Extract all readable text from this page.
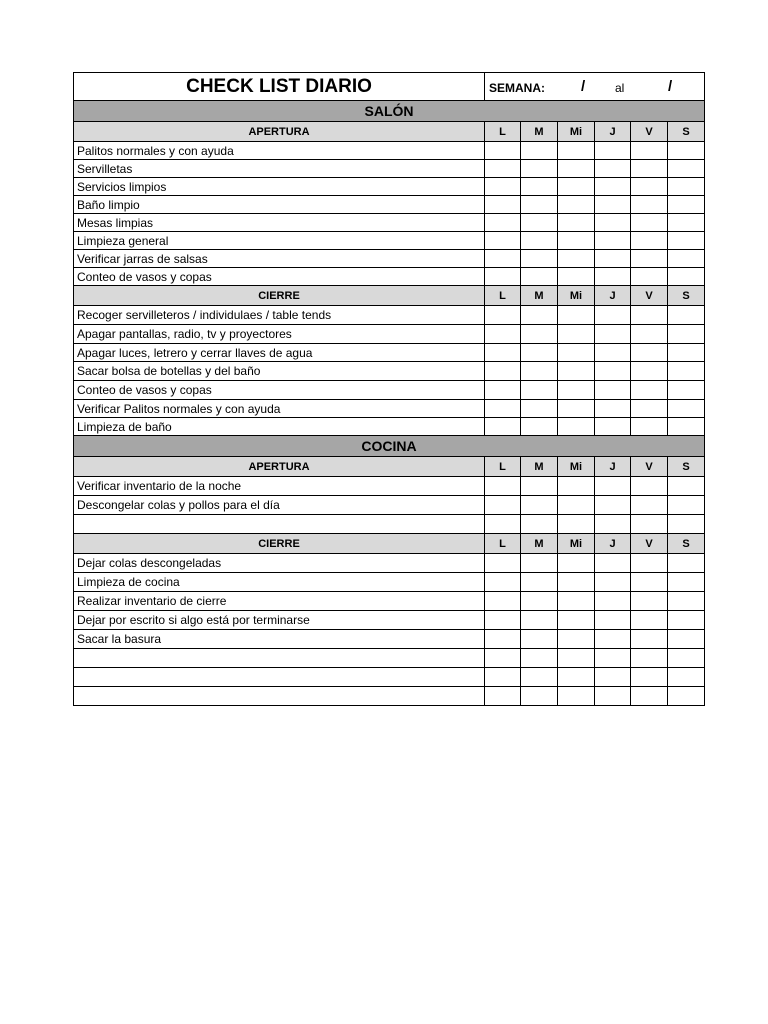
CHECK LIST DIARIO	SEMANA: / al /					

SALÓN						
APERTURA	L	M	Mi	J	V	S
Palitos normales y con ayuda						
Servilletas						
Servicios limpios						
Baño limpio						
Mesas limpias						
Limpieza general						
Verificar jarras de salsas						
Conteo de vasos y copas						
CIERRE	L	M	Mi	J	V	S
Recoger servilleteros / individulaes / table tends						
Apagar pantallas, radio, tv y proyectores						
Apagar luces, letrero y cerrar llaves de agua						
Sacar bolsa de botellas y del baño						
Conteo de vasos y copas						
Verificar Palitos normales y con ayuda						
Limpieza de baño						
COCINA						
APERTURA	L	M	Mi	J	V	S
Verificar inventario de la noche						
Descongelar colas y pollos para el día						

CIERRE	L	M	Mi	J	V	S
Dejar colas descongeladas						
Limpieza de cocina						
Realizar inventario de cierre						
Dejar por escrito si algo está por terminarse						
Sacar la basura						
